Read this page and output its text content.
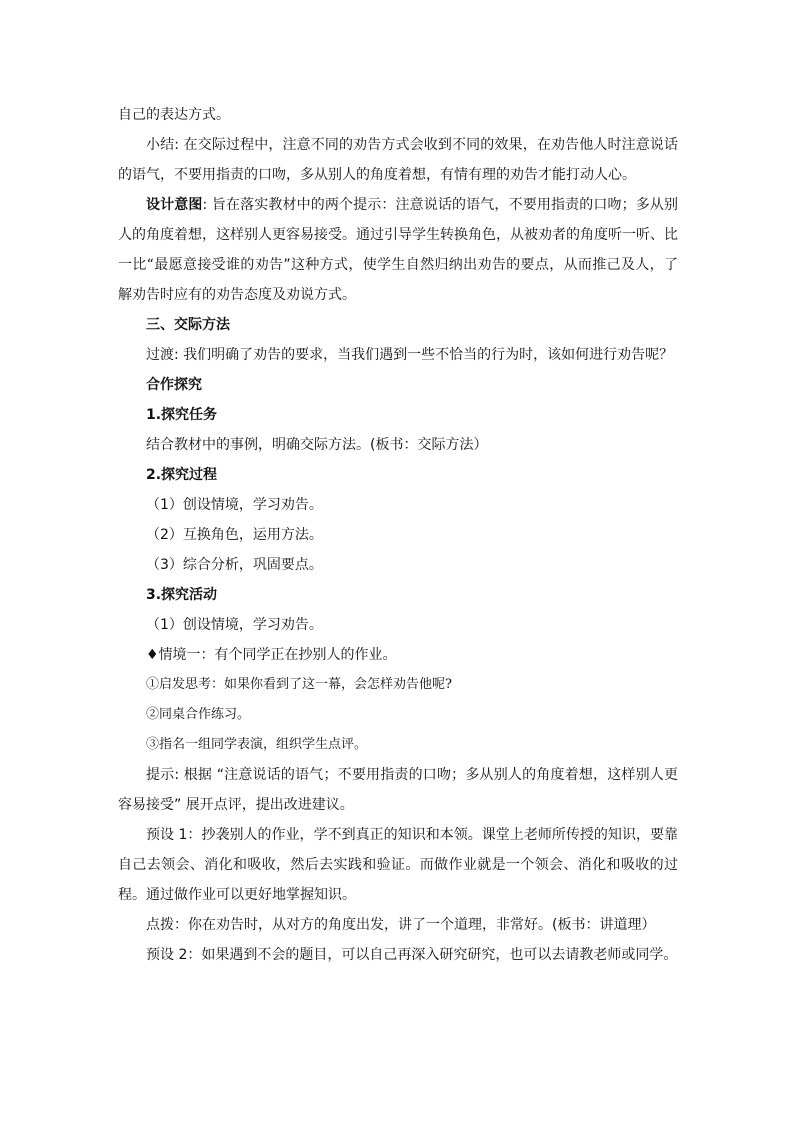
自己的表达方式。

小结: 在交际过程中，注意不同的劝告方式会收到不同的效果，在劝告他人时注意说话的语气，不要用指责的口吻，多从别人的角度着想，有情有理的劝告才能打动人心。

设计意图: 旨在落实教材中的两个提示：注意说话的语气，不要用指责的口吻；多从别人的角度着想，这样别人更容易接受。通过引导学生转换角色，从被劝者的角度听一听、比一比“最愿意接受谁的劝告”这种方式，使学生自然归纳出劝告的要点，从而推己及人，了解劝告时应有的劝告态度及劝说方式。

三、交际方法

过渡: 我们明确了劝告的要求，当我们遇到一些不恰当的行为时，该如何进行劝告呢？

合作探究

1.探究任务

结合教材中的事例，明确交际方法。(板书：交际方法）

2.探究过程

（1）创设情境，学习劝告。

（2）互换角色，运用方法。

（3）综合分析，巩固要点。

3.探究活动

（1）创设情境，学习劝告。

♦情境一：有个同学正在抄别人的作业。

①启发思考：如果你看到了这一幕，会怎样劝告他呢?

②同桌合作练习。

③指名一组同学表演，组织学生点评。

提示: 根据 “注意说话的语气；不要用指责的口吻；多从别人的角度着想，这样别人更容易接受” 展开点评，提出改进建议。

预设 1：抄袭别人的作业，学不到真正的知识和本领。课堂上老师所传授的知识，要靠自己去领会、消化和吸收，然后去实践和验证。而做作业就是一个领会、消化和吸收的过程。通过做作业可以更好地掌握知识。

点拨：你在劝告时，从对方的角度出发，讲了一个道理，非常好。(板书：讲道理）

预设 2：如果遇到不会的题目，可以自己再深入研究研究，也可以去请教老师或同学。
